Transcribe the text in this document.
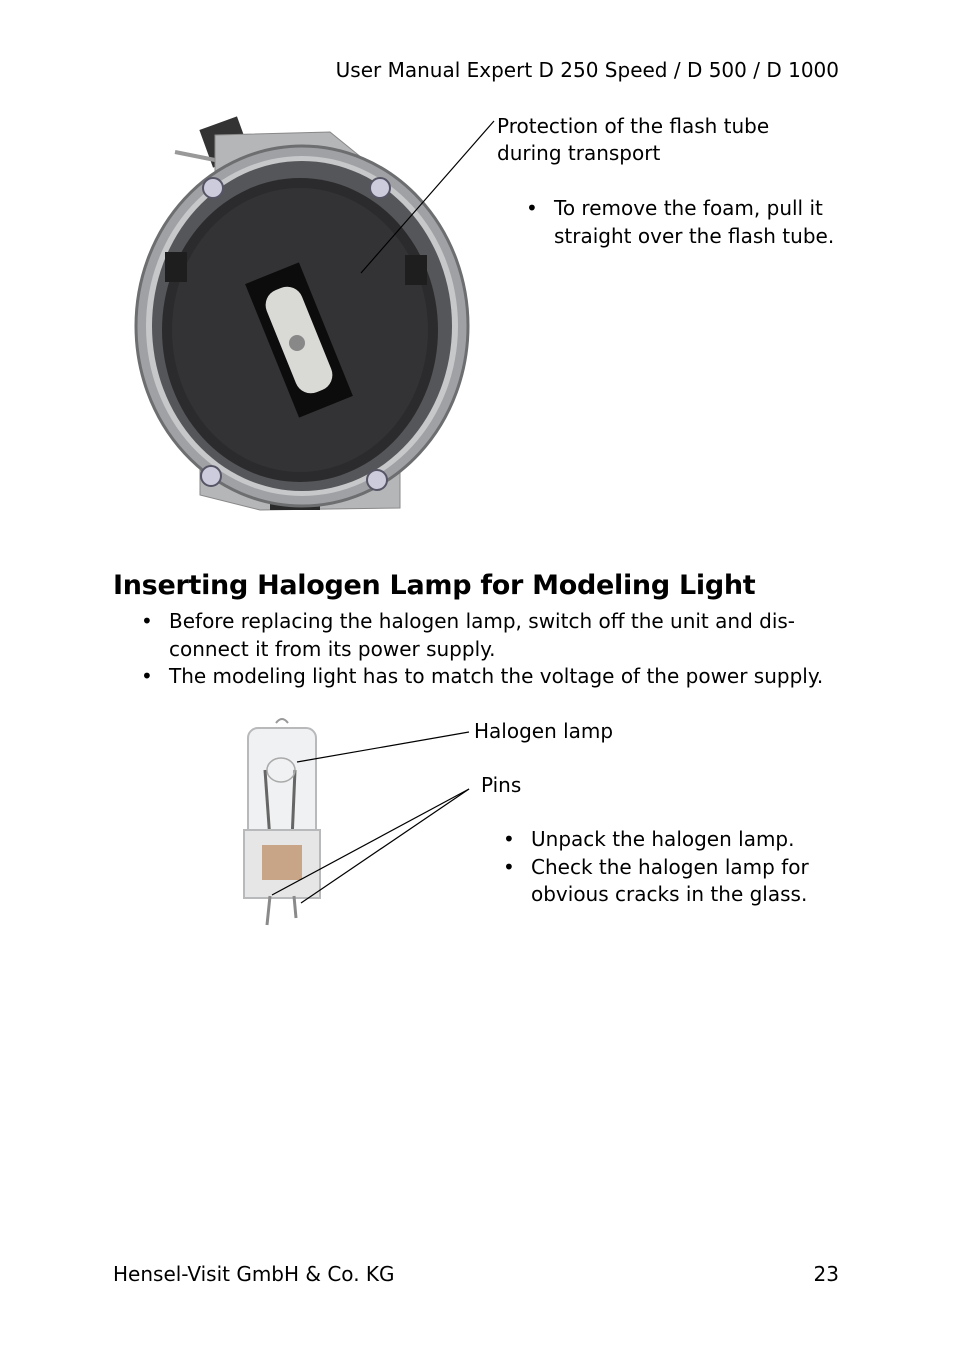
User Manual Expert D 250 Speed / D 500 / D 1000
Protection of the flash tube during transport
• To remove the foam, pull it straight over the flash tube.
Inserting Halogen Lamp for Modeling Light
• Before replacing the halogen lamp, switch off the unit and dis-connect it from its power supply.
• The modeling light has to match the voltage of the power supply.
Halogen lamp
Pins
• Unpack the halogen lamp.
• Check the halogen lamp for obvious cracks in the glass.
Hensel-Visit GmbH & Co. KG	23
